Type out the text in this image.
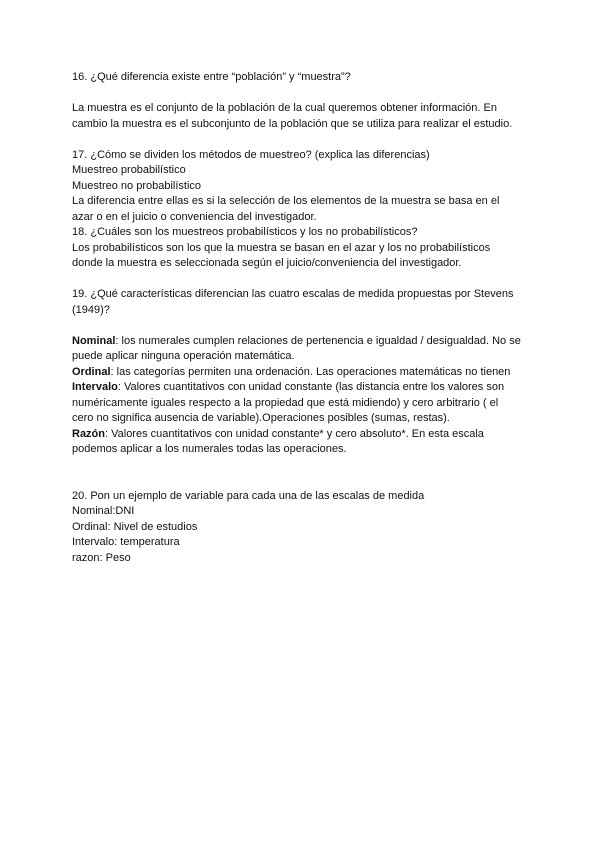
16. ¿Qué diferencia existe entre “población” y “muestra”?
La muestra es el conjunto de la población de la cual queremos obtener información. En
cambio la muestra es el subconjunto de la población que se utiliza para realizar el estudio.
17. ¿Cómo se dividen los métodos de muestreo? (explica las diferencias)
Muestreo probabilístico
Muestreo no probabilístico
La diferencia entre ellas es si la selección de los elementos de la muestra se basa en el
azar o en el juicio o conveniencia del investigador.
18. ¿Cuáles son los muestreos probabilísticos y los no probabilísticos?
Los probabilísticos son los que la muestra se basan en el azar y los no probabilísticos
donde la muestra es seleccionada según el juicio/conveniencia del investigador.
19. ¿Qué características diferencian las cuatro escalas de medida propuestas por Stevens
(1949)?
Nominal: los numerales cumplen relaciones de pertenencia e igualdad / desigualdad. No se
puede aplicar ninguna operación matemática.
Ordinal: las categorías permiten una ordenación. Las operaciones matemáticas no tienen
Intervalo: Valores cuantitativos con unidad constante (las distancia entre los valores son
numéricamente iguales respecto a la propiedad que está midiendo) y cero arbitrario ( el
cero no significa ausencia de variable).Operaciones posibles (sumas, restas).
Razón: Valores cuantitativos con unidad constante* y cero absoluto*. En esta escala
podemos aplicar a los numerales todas las operaciones.
20. Pon un ejemplo de variable para cada una de las escalas de medida
Nominal:DNI
Ordinal: Nivel de estudios
Intervalo: temperatura
razon: Peso
